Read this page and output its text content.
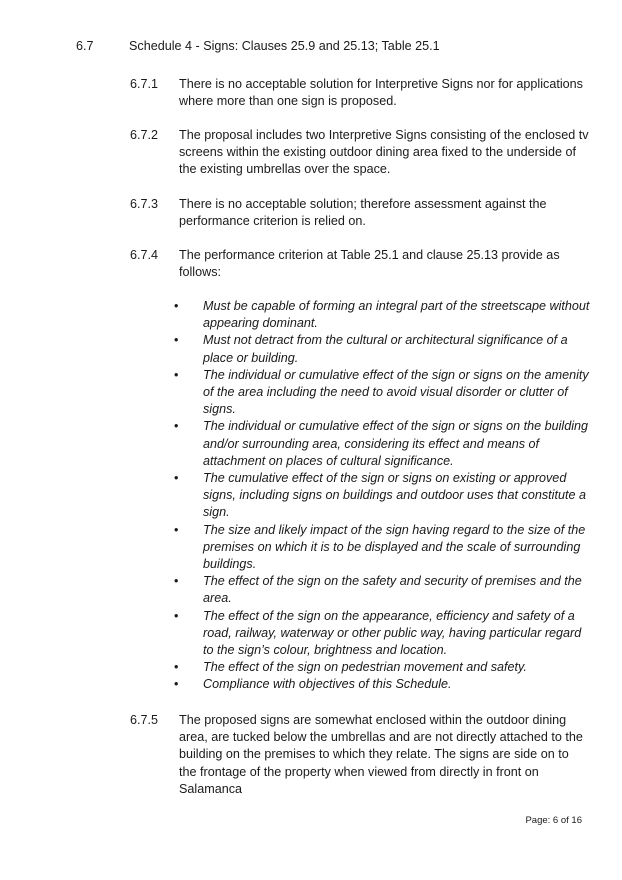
6.7	Schedule 4 - Signs: Clauses 25.9 and 25.13; Table 25.1
6.7.1 There is no acceptable solution for Interpretive Signs nor for applications where more than one sign is proposed.
6.7.2 The proposal includes two Interpretive Signs consisting of the enclosed tv screens within the existing outdoor dining area fixed to the underside of the existing umbrellas over the space.
6.7.3 There is no acceptable solution; therefore assessment against the performance criterion is relied on.
6.7.4 The performance criterion at Table 25.1 and clause 25.13 provide as follows:
• Must be capable of forming an integral part of the streetscape without appearing dominant.
• Must not detract from the cultural or architectural significance of a place or building.
• The individual or cumulative effect of the sign or signs on the amenity of the area including the need to avoid visual disorder or clutter of signs.
• The individual or cumulative effect of the sign or signs on the building and/or surrounding area, considering its effect and means of attachment on places of cultural significance.
• The cumulative effect of the sign or signs on existing or approved signs, including signs on buildings and outdoor uses that constitute a sign.
• The size and likely impact of the sign having regard to the size of the premises on which it is to be displayed and the scale of surrounding buildings.
• The effect of the sign on the safety and security of premises and the area.
• The effect of the sign on the appearance, efficiency and safety of a road, railway, waterway or other public way, having particular regard to the sign’s colour, brightness and location.
• The effect of the sign on pedestrian movement and safety.
• Compliance with objectives of this Schedule.
6.7.5 The proposed signs are somewhat enclosed within the outdoor dining area, are tucked below the umbrellas and are not directly attached to the building on the premises to which they relate. The signs are side on to the frontage of the property when viewed from directly in front on Salamanca
Page: 6 of 16
